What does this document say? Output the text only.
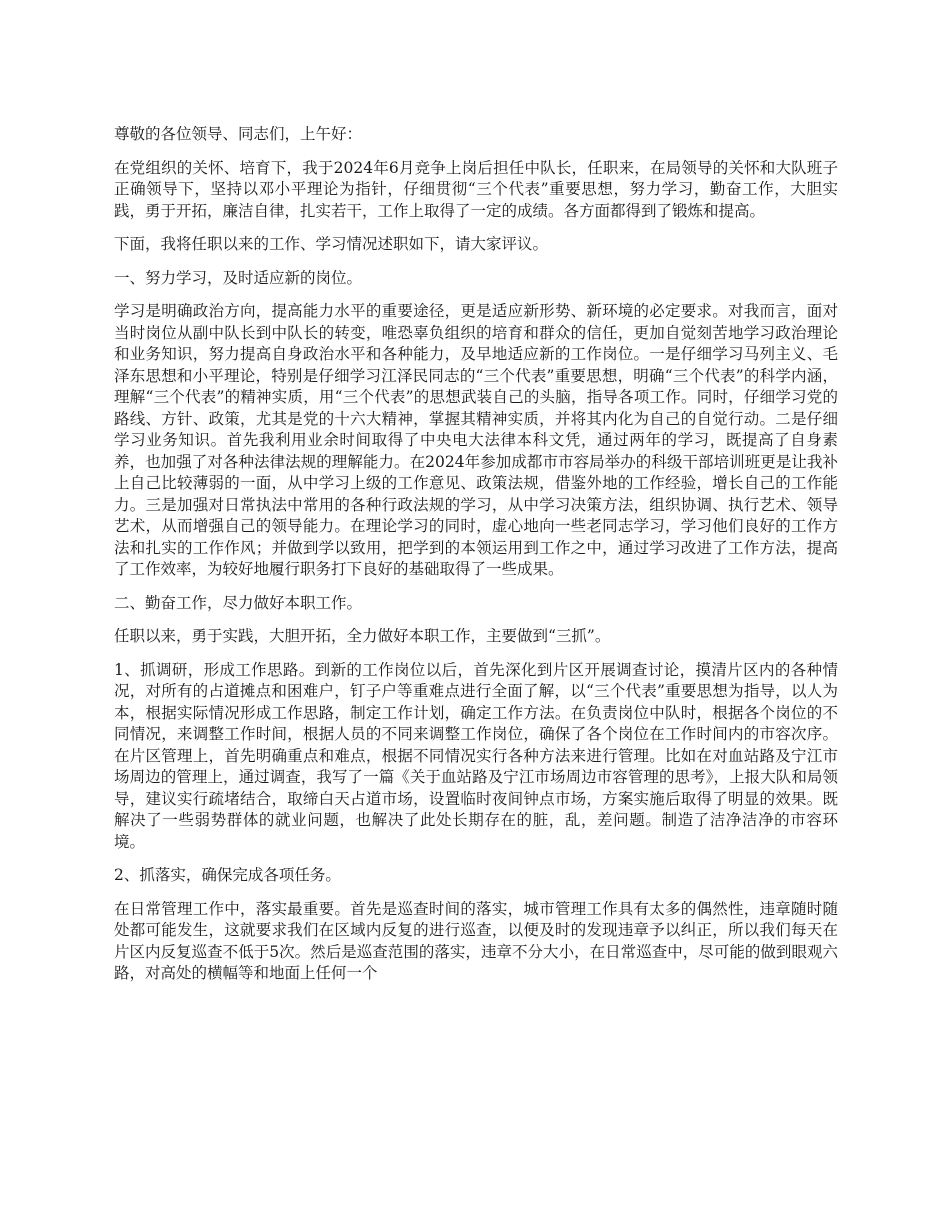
尊敬的各位领导、同志们，上午好：

在党组织的关怀、培育下，我于2024年6月竞争上岗后担任中队长，任职来，在局领导的关怀和大队班子正确领导下，坚持以邓小平理论为指针，仔细贯彻“三个代表”重要思想，努力学习，勤奋工作，大胆实践，勇于开拓，廉洁自律，扎实若干，工作上取得了一定的成绩。各方面都得到了锻炼和提高。

下面，我将任职以来的工作、学习情况述职如下，请大家评议。

一、努力学习，及时适应新的岗位。

学习是明确政治方向，提高能力水平的重要途径，更是适应新形势、新环境的必定要求。对我而言，面对当时岗位从副中队长到中队长的转变，唯恐辜负组织的培育和群众的信任，更加自觉刻苦地学习政治理论和业务知识，努力提高自身政治水平和各种能力，及早地适应新的工作岗位。一是仔细学习马列主义、毛泽东思想和小平理论，特别是仔细学习江泽民同志的“三个代表”重要思想，明确“三个代表”的科学内涵，理解“三个代表”的精神实质，用“三个代表”的思想武装自己的头脑，指导各项工作。同时，仔细学习党的路线、方针、政策，尤其是党的十六大精神，掌握其精神实质，并将其内化为自己的自觉行动。二是仔细学习业务知识。首先我利用业余时间取得了中央电大法律本科文凭，通过两年的学习，既提高了自身素养，也加强了对各种法律法规的理解能力。在2024年参加成都市市容局举办的科级干部培训班更是让我补上自己比较薄弱的一面，从中学习上级的工作意见、政策法规，借鉴外地的工作经验，增长自己的工作能力。三是加强对日常执法中常用的各种行政法规的学习，从中学习决策方法，组织协调、执行艺术、领导艺术，从而增强自己的领导能力。在理论学习的同时，虚心地向一些老同志学习，学习他们良好的工作方法和扎实的工作作风；并做到学以致用，把学到的本领运用到工作之中，通过学习改进了工作方法，提高了工作效率，为较好地履行职务打下良好的基础取得了一些成果。

二、勤奋工作，尽力做好本职工作。

任职以来，勇于实践，大胆开拓，全力做好本职工作，主要做到“三抓”。

1、抓调研，形成工作思路。到新的工作岗位以后，首先深化到片区开展调查讨论，摸清片区内的各种情况，对所有的占道摊点和困难户，钉子户等重难点进行全面了解，以“三个代表”重要思想为指导，以人为本，根据实际情况形成工作思路，制定工作计划，确定工作方法。在负责岗位中队时，根据各个岗位的不同情况，来调整工作时间，根据人员的不同来调整工作岗位，确保了各个岗位在工作时间内的市容次序。在片区管理上，首先明确重点和难点，根据不同情况实行各种方法来进行管理。比如在对血站路及宁江市场周边的管理上，通过调查，我写了一篇《关于血站路及宁江市场周边市容管理的思考》，上报大队和局领导，建议实行疏堵结合，取缔白天占道市场，设置临时夜间钟点市场，方案实施后取得了明显的效果。既解决了一些弱势群体的就业问题，也解决了此处长期存在的脏，乱，差问题。制造了洁净洁净的市容环境。

2、抓落实，确保完成各项任务。

在日常管理工作中，落实最重要。首先是巡查时间的落实，城市管理工作具有太多的偶然性，违章随时随处都可能发生，这就要求我们在区域内反复的进行巡查，以便及时的发现违章予以纠正，所以我们每天在片区内反复巡查不低于5次。然后是巡查范围的落实，违章不分大小，在日常巡查中，尽可能的做到眼观六路，对高处的横幅等和地面上任何一个
